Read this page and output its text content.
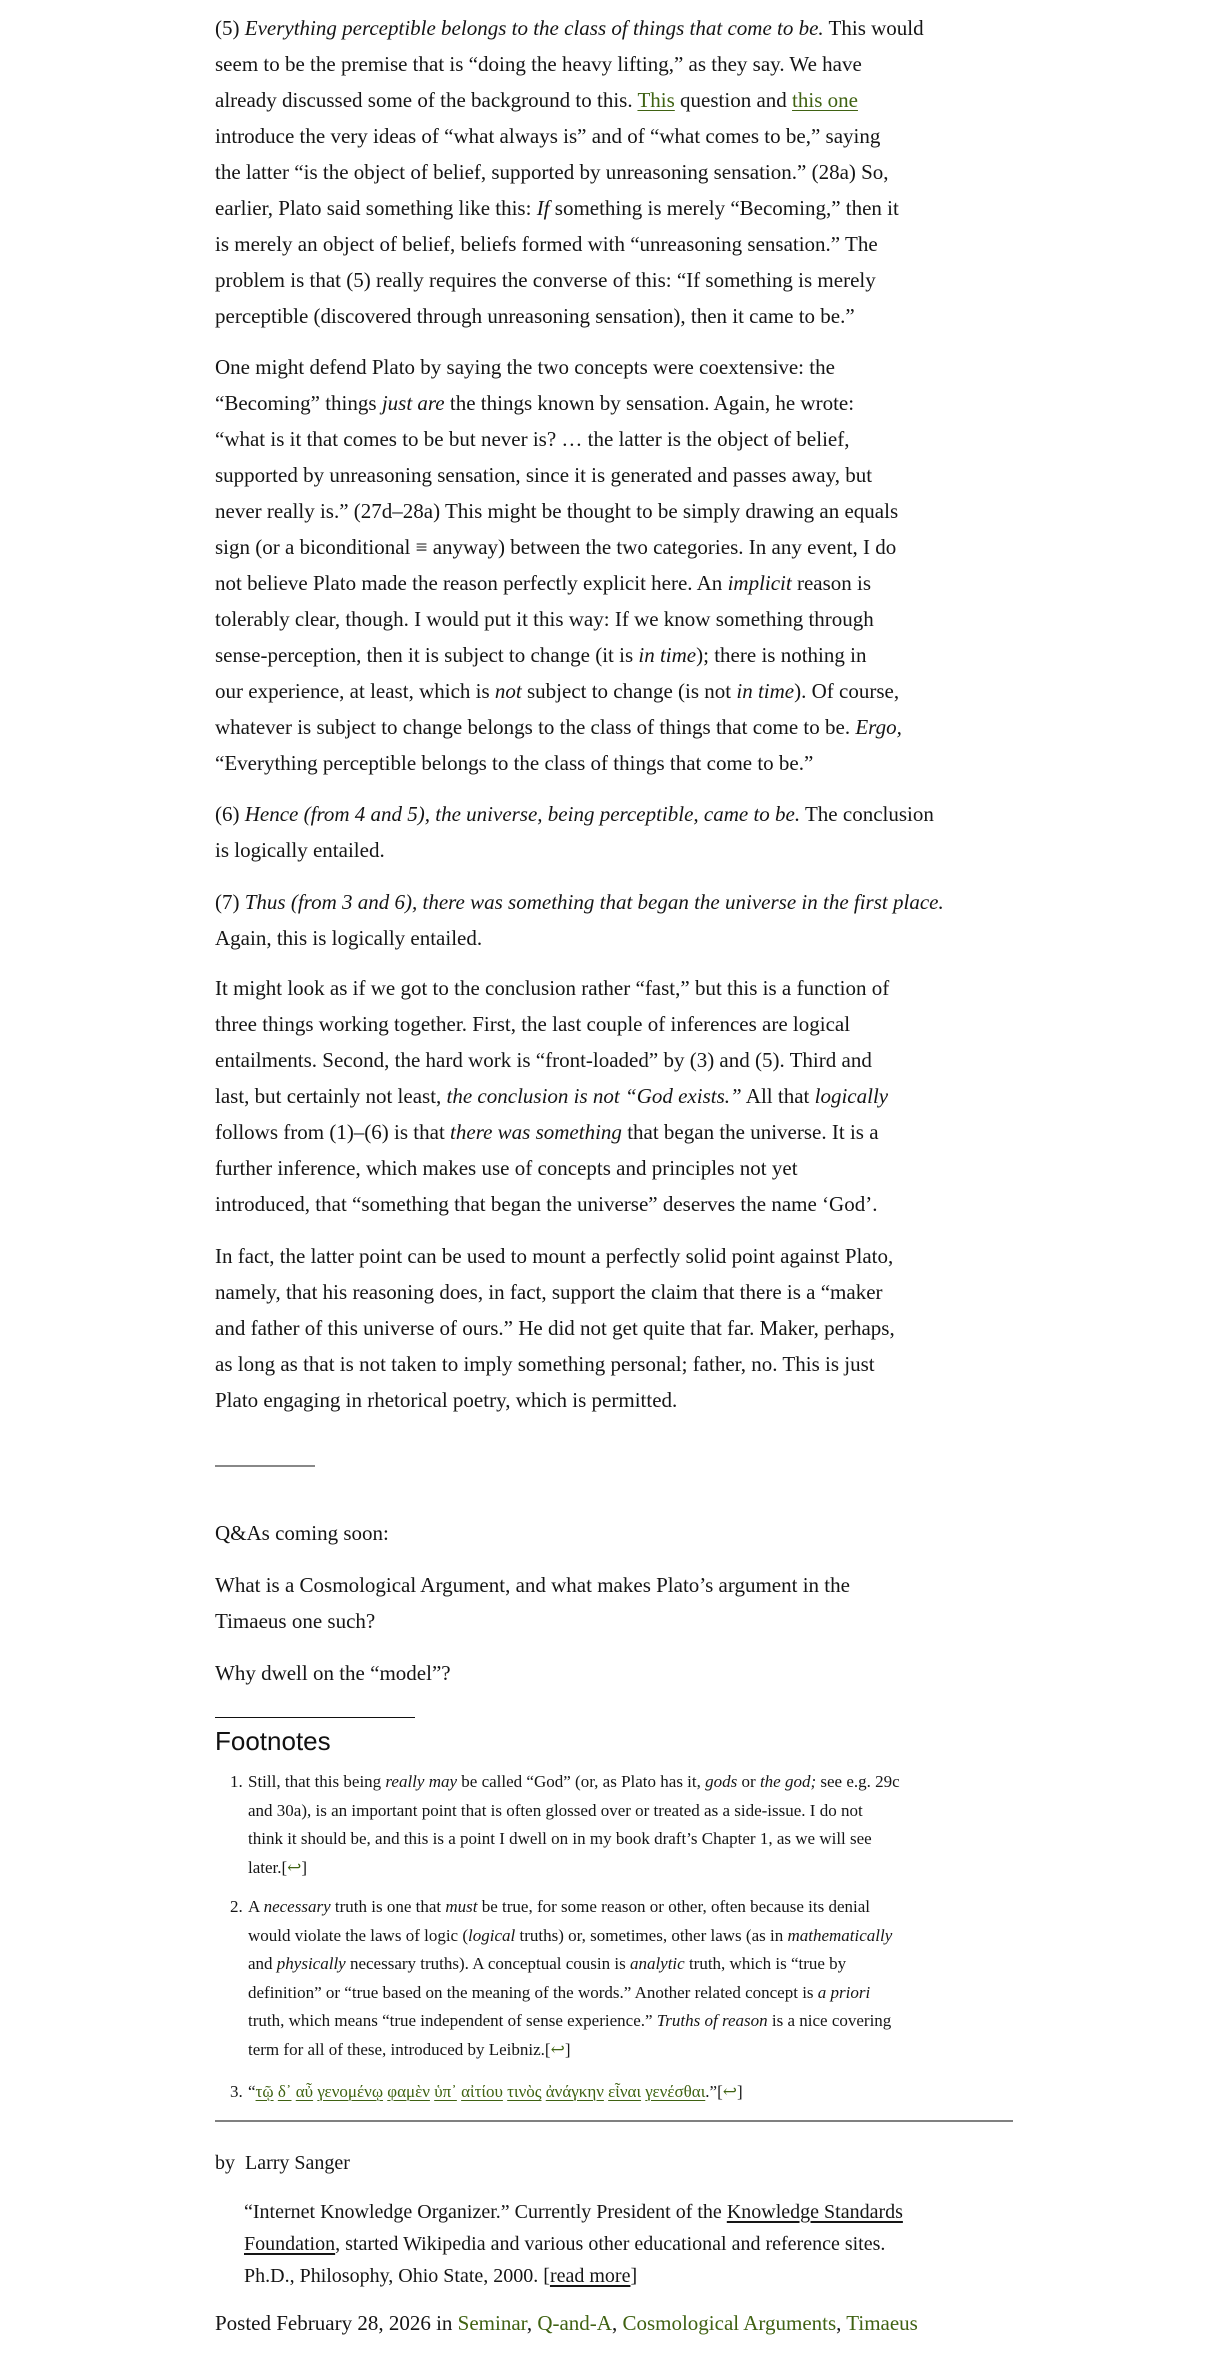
(5) Everything perceptible belongs to the class of things that come to be. This would
seem to be the premise that is “doing the heavy lifting,” as they say. We have
already discussed some of the background to this. This question and this one
introduce the very ideas of “what always is” and of “what comes to be,” saying
the latter “is the object of belief, supported by unreasoning sensation.” (28a) So,
earlier, Plato said something like this: If something is merely “Becoming,” then it
is merely an object of belief, beliefs formed with “unreasoning sensation.” The
problem is that (5) really requires the converse of this: “If something is merely
perceptible (discovered through unreasoning sensation), then it came to be.”
One might defend Plato by saying the two concepts were coextensive: the
“Becoming” things just are the things known by sensation. Again, he wrote:
“what is it that comes to be but never is? … the latter is the object of belief,
supported by unreasoning sensation, since it is generated and passes away, but
never really is.” (27d–28a) This might be thought to be simply drawing an equals
sign (or a biconditional ≡ anyway) between the two categories. In any event, I do
not believe Plato made the reason perfectly explicit here. An implicit reason is
tolerably clear, though. I would put it this way: If we know something through
sense-perception, then it is subject to change (it is in time); there is nothing in
our experience, at least, which is not subject to change (is not in time). Of course,
whatever is subject to change belongs to the class of things that come to be. Ergo,
“Everything perceptible belongs to the class of things that come to be.”
(6) Hence (from 4 and 5), the universe, being perceptible, came to be. The conclusion
is logically entailed.
(7) Thus (from 3 and 6), there was something that began the universe in the first place.
Again, this is logically entailed.
It might look as if we got to the conclusion rather “fast,” but this is a function of
three things working together. First, the last couple of inferences are logical
entailments. Second, the hard work is “front-loaded” by (3) and (5). Third and
last, but certainly not least, the conclusion is not “God exists.” All that logically
follows from (1)–(6) is that there was something that began the universe. It is a
further inference, which makes use of concepts and principles not yet
introduced, that “something that began the universe” deserves the name ‘God’.
In fact, the latter point can be used to mount a perfectly solid point against Plato,
namely, that his reasoning does, in fact, support the claim that there is a “maker
and father of this universe of ours.” He did not get quite that far. Maker, perhaps,
as long as that is not taken to imply something personal; father, no. This is just
Plato engaging in rhetorical poetry, which is permitted.
Q&As coming soon:
What is a Cosmological Argument, and what makes Plato’s argument in the
Timaeus one such?
Why dwell on the “model”?
Footnotes
1. Still, that this being really may be called “God” (or, as Plato has it, gods or the god; see e.g. 29c
and 30a), is an important point that is often glossed over or treated as a side-issue. I do not
think it should be, and this is a point I dwell on in my book draft’s Chapter 1, as we will see
later.[↩]
2. A necessary truth is one that must be true, for some reason or other, often because its denial
would violate the laws of logic (logical truths) or, sometimes, other laws (as in mathematically
and physically necessary truths). A conceptual cousin is analytic truth, which is “true by
definition” or “true based on the meaning of the words.” Another related concept is a priori
truth, which means “true independent of sense experience.” Truths of reason is a nice covering
term for all of these, introduced by Leibniz.[↩]
3. “τῷ δ᾽ αὖ γενομένῳ φαμὲν ὑπ᾽ αἰτίου τινὸς ἀνάγκην εἶναι γενέσθαι.”[↩]
by Larry Sanger
“Internet Knowledge Organizer.” Currently President of the Knowledge Standards
Foundation, started Wikipedia and various other educational and reference sites.
Ph.D., Philosophy, Ohio State, 2000. [read more]
Posted February 28, 2026 in Seminar, Q-and-A, Cosmological Arguments, Timaeus
